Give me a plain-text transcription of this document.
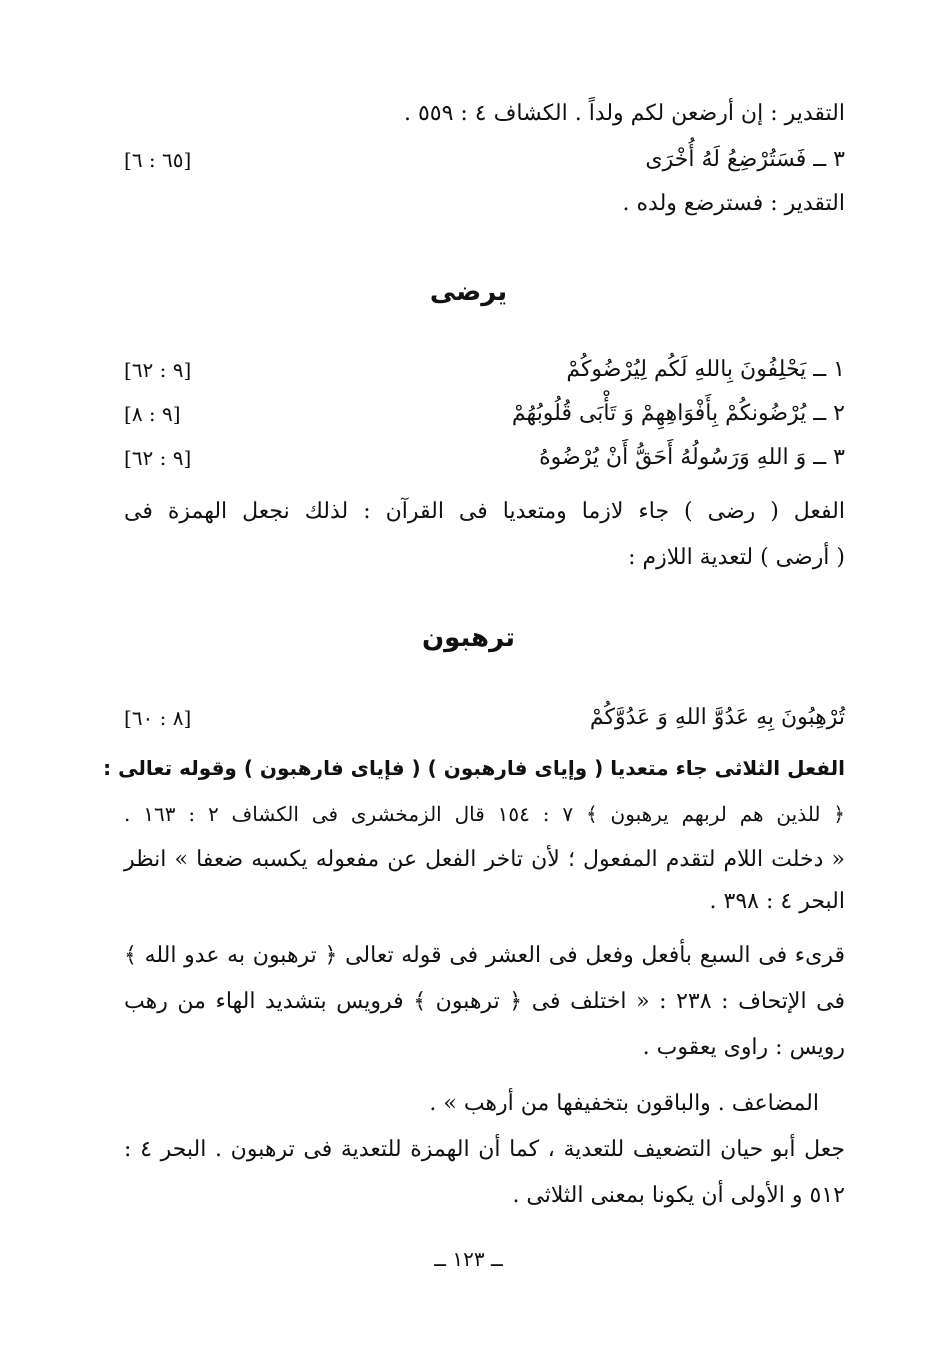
التقدير : إن أرضعن لكم ولداً . الكشاف ٤ : ٥٥٩ .
٣ ــ فَسَتُرْضِعُ لَهُ أُخْرَى
[٦٥ : ٦]
التقدير : فسترضع ولده .
يرضى
١ ــ يَحْلِفُونَ بِاللهِ لَكُم لِيُرْضُوكُمْ
[٩ : ٦٢]
٢ ــ يُرْضُونكُمْ بِأَفْوَاهِهِمْ وَ تَأْبَى قُلُوبُهُمْ
[٩ : ٨]
٣ ــ وَ اللهِ وَرَسُولُهُ أَحَقُّ أَنْ يُرْضُوهُ
[٩ : ٦٢]
الفعل ( رضى ) جاء لازما ومتعديا فى القرآن : لذلك نجعل الهمزة فى
( أرضى ) لتعدية اللازم :
ترهبون
تُرْهِبُونَ بِهِ عَدُوَّ اللهِ وَ عَدُوَّكُمْ
[٨ : ٦٠]
الفعل الثلاثى جاء متعديا ( وإياى فارهبون ) ( فإياى فارهبون ) وقوله تعالى :
﴿ للذين هم لربهم يرهبون ﴾ ٧ : ١٥٤ قال الزمخشرى فى الكشاف ٢ : ١٦٣ .
« دخلت اللام لتقدم المفعول ؛ لأن تاخر الفعل عن مفعوله يكسبه ضعفا » انظر
البحر ٤ : ٣٩٨ .
قرىء فى السبع بأفعل وفعل فى العشر فى قوله تعالى ﴿ ترهبون به عدو الله ﴾
فى الإتحاف : ٢٣٨ : « اختلف فى ﴿ ترهبون ﴾ فرويس بتشديد الهاء من رهب
رويس : راوى يعقوب .
المضاعف . والباقون بتخفيفها من أرهب » .
جعل أبو حيان التضعيف للتعدية ، كما أن الهمزة للتعدية فى ترهبون . البحر ٤ :
٥١٢ و الأولى أن يكونا بمعنى الثلاثى .
ــ ١٢٣ ــ
